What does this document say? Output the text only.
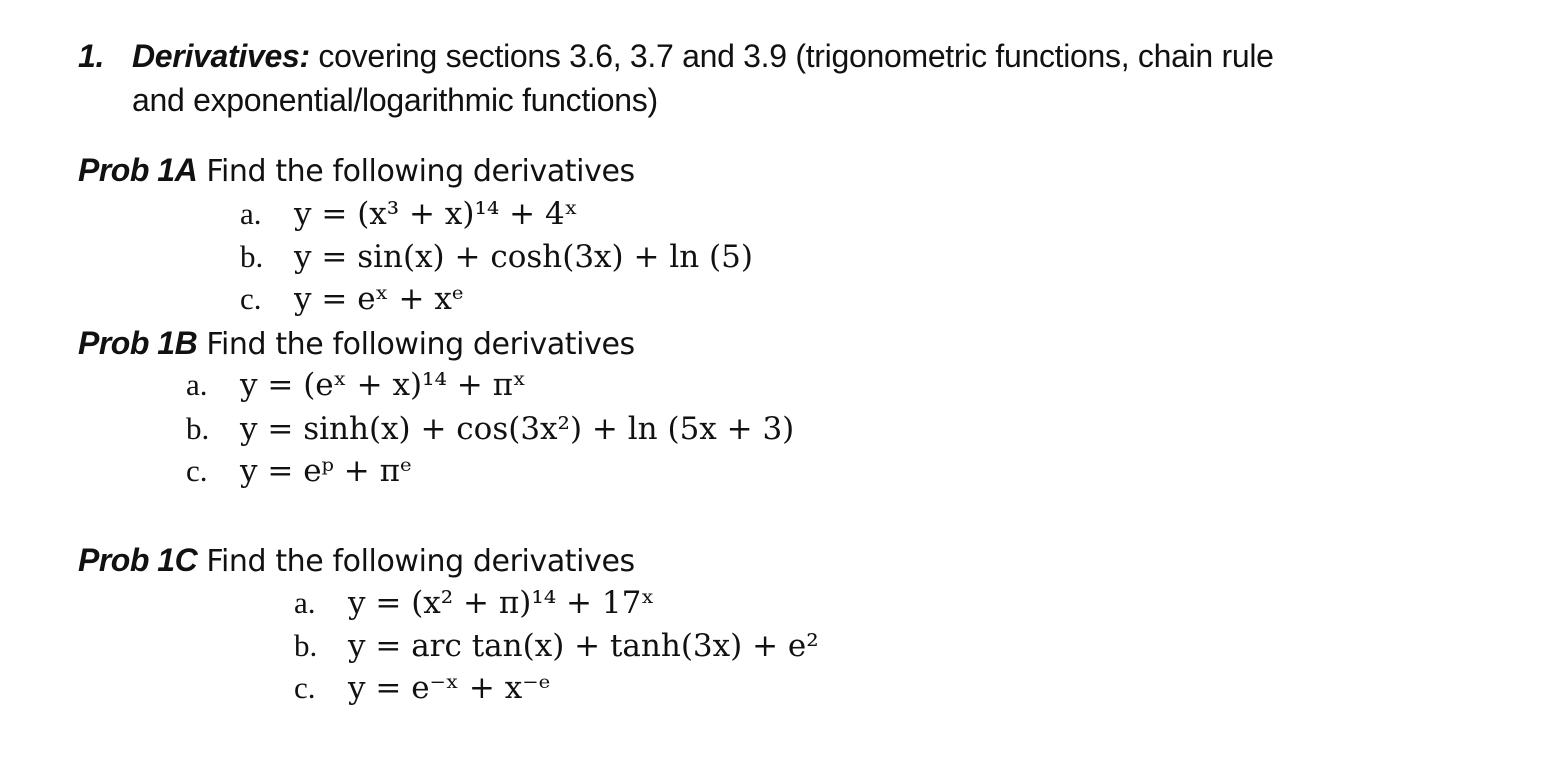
1. Derivatives: covering sections 3.6, 3.7 and 3.9 (trigonometric functions, chain rule
and exponential/logarithmic functions)
Prob 1A Find the following derivatives
a. y = (x³ + x)¹⁴ + 4ˣ
b. y = sin(x) + cosh(3x) + ln (5)
c. y = eˣ + xᵉ
Prob 1B Find the following derivatives
a. y = (eˣ + x)¹⁴ + πˣ
b. y = sinh(x) + cos(3x²) + ln (5x + 3)
c. y = eᵖ + πᵉ
Prob 1C Find the following derivatives
a. y = (x² + π)¹⁴ + 17ˣ
b. y = arc tan(x) + tanh(3x) + e²
c. y = e⁻ˣ + x⁻ᵉ
